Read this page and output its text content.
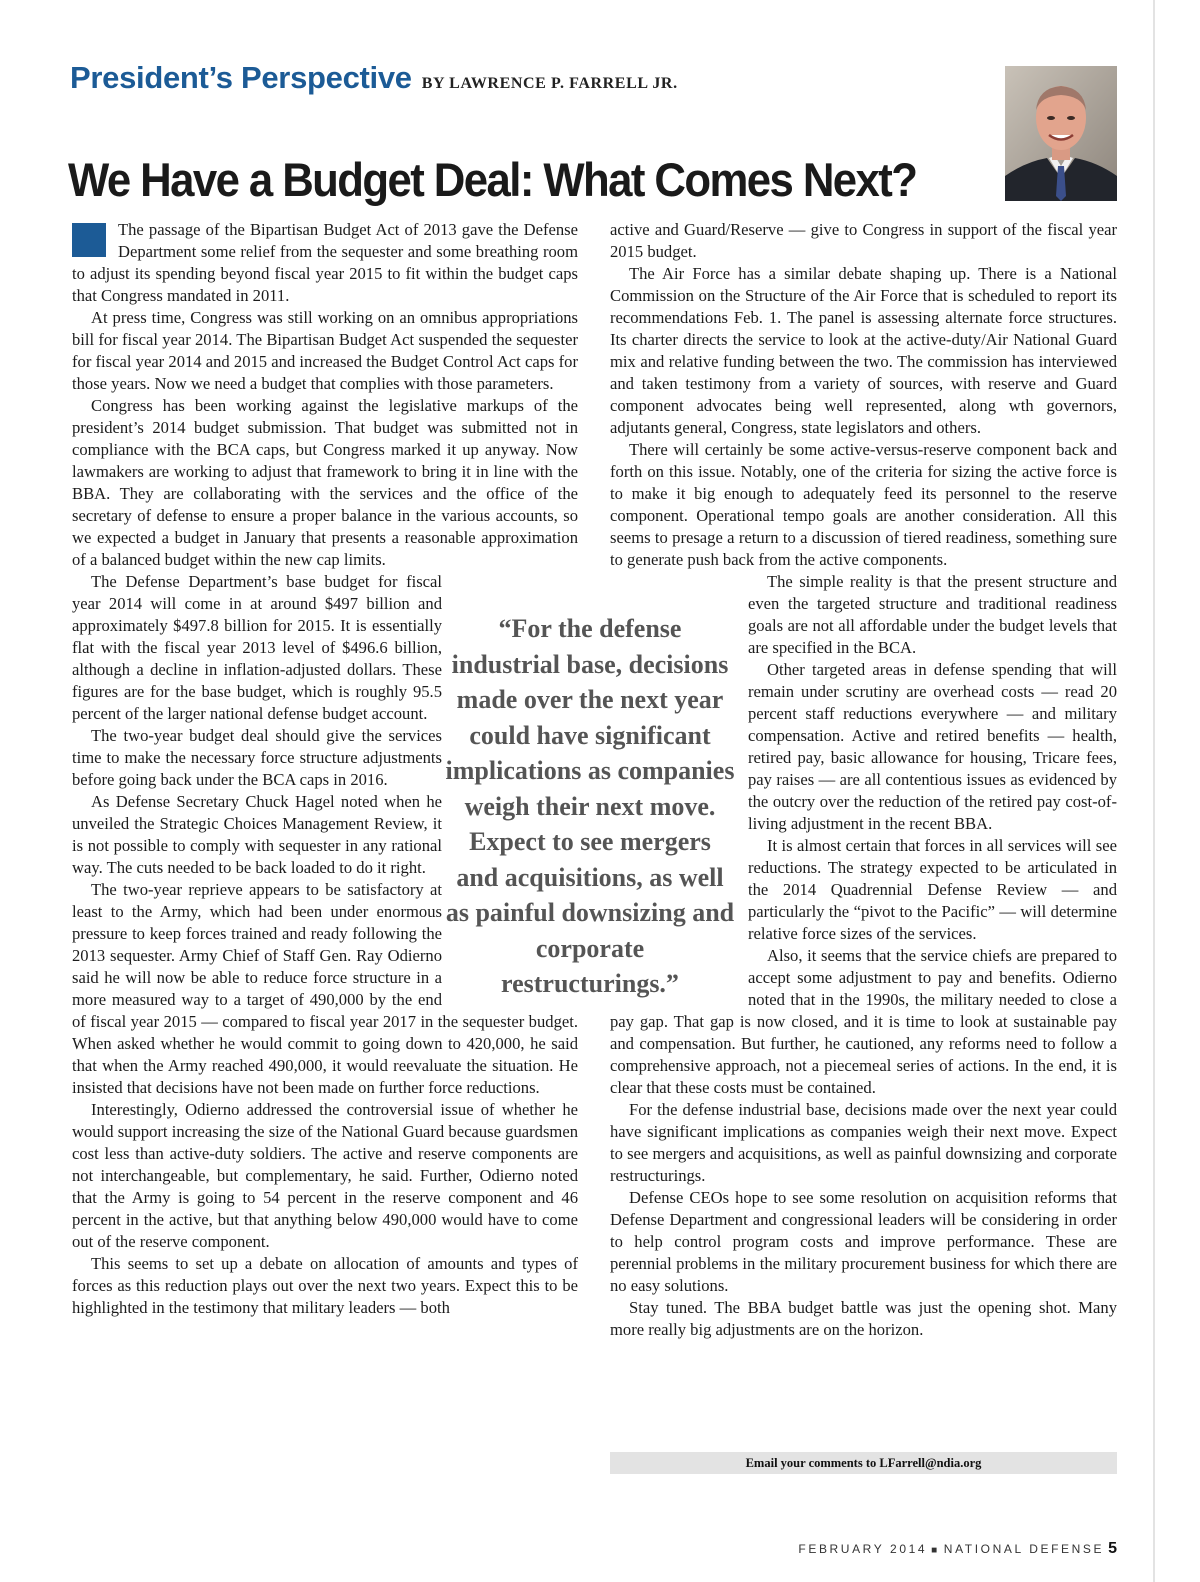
President’s Perspective BY LAWRENCE P. FARRELL JR.
We Have a Budget Deal: What Comes Next?

The passage of the Bipartisan Budget Act of 2013 gave the Defense Department some relief from the sequester and some breathing room to adjust its spending beyond fiscal year 2015 to fit within the budget caps that Congress mandated in 2011.

At press time, Congress was still working on an omnibus appropriations bill for fiscal year 2014. The Bipartisan Budget Act suspended the sequester for fiscal year 2014 and 2015 and increased the Budget Control Act caps for those years. Now we need a budget that complies with those parameters.

Congress has been working against the legislative markups of the president’s 2014 budget submission. That budget was submitted not in compliance with the BCA caps, but Congress marked it up anyway. Now lawmakers are working to adjust that framework to bring it in line with the BBA. They are collaborating with the services and the office of the secretary of defense to ensure a proper balance in the various accounts, so we expected a budget in January that presents a reasonable approximation of a balanced budget within the new cap limits.

The Defense Department’s base budget for fiscal year 2014 will come in at around $497 billion and approximately $497.8 billion for 2015. It is essentially flat with the fiscal year 2013 level of $496.6 billion, although a decline in inflation-adjusted dollars. These figures are for the base budget, which is roughly 95.5 percent of the larger national defense budget account.

The two-year budget deal should give the services time to make the necessary force structure adjustments before going back under the BCA caps in 2016.

As Defense Secretary Chuck Hagel noted when he unveiled the Strategic Choices Management Review, it is not possible to comply with sequester in any rational way. The cuts needed to be back loaded to do it right.

The two-year reprieve appears to be satisfactory at least to the Army, which had been under enormous pressure to keep forces trained and ready following the 2013 sequester. Army Chief of Staff Gen. Ray Odierno said he will now be able to reduce force structure in a more measured way to a target of 490,000 by the end of fiscal year 2015 — compared to fiscal year 2017 in the sequester budget. When asked whether he would commit to going down to 420,000, he said that when the Army reached 490,000, it would reevaluate the situation. He insisted that decisions have not been made on further force reductions.

Interestingly, Odierno addressed the controversial issue of whether he would support increasing the size of the National Guard because guardsmen cost less than active-duty soldiers. The active and reserve components are not interchangeable, but complementary, he said. Further, Odierno noted that the Army is going to 54 percent in the reserve component and 46 percent in the active, but that anything below 490,000 would have to come out of the reserve component.

This seems to set up a debate on allocation of amounts and types of forces as this reduction plays out over the next two years. Expect this to be highlighted in the testimony that military leaders — both

active and Guard/Reserve — give to Congress in support of the fiscal year 2015 budget.

The Air Force has a similar debate shaping up. There is a National Commission on the Structure of the Air Force that is scheduled to report its recommendations Feb. 1. The panel is assessing alternate force structures. Its charter directs the service to look at the active-duty/Air National Guard mix and relative funding between the two. The commission has interviewed and taken testimony from a variety of sources, with reserve and Guard component advocates being well represented, along wth governors, adjutants general, Congress, state legislators and others.

There will certainly be some active-versus-reserve component back and forth on this issue. Notably, one of the criteria for sizing the active force is to make it big enough to adequately feed its personnel to the reserve component. Operational tempo goals are another consideration. All this seems to presage a return to a discussion of tiered readiness, something sure to generate push back from the active components.

The simple reality is that the present structure and even the targeted structure and traditional readiness goals are not all affordable under the budget levels that are specified in the BCA.

Other targeted areas in defense spending that will remain under scrutiny are overhead costs — read 20 percent staff reductions everywhere — and military compensation. Active and retired benefits — health, retired pay, basic allowance for housing, Tricare fees, pay raises — are all contentious issues as evidenced by the outcry over the reduction of the retired pay cost-of-living adjustment in the recent BBA.

It is almost certain that forces in all services will see reductions. The strategy expected to be articulated in the 2014 Quadrennial Defense Review — and particularly the “pivot to the Pacific” — will determine relative force sizes of the services.

Also, it seems that the service chiefs are prepared to accept some adjustment to pay and benefits. Odierno noted that in the 1990s, the military needed to close a pay gap. That gap is now closed, and it is time to look at sustainable pay and compensation. But further, he cautioned, any reforms need to follow a comprehensive approach, not a piecemeal series of actions. In the end, it is clear that these costs must be contained.

For the defense industrial base, decisions made over the next year could have significant implications as companies weigh their next move. Expect to see mergers and acquisitions, as well as painful downsizing and corporate restructurings.

Defense CEOs hope to see some resolution on acquisition reforms that Defense Department and congressional leaders will be considering in order to help control program costs and improve performance. These are perennial problems in the military procurement business for which there are no easy solutions.

Stay tuned. The BBA budget battle was just the opening shot. Many more really big adjustments are on the horizon.

“For the defense industrial base, decisions made over the next year could have significant implications as companies weigh their next move. Expect to see mergers and acquisitions, as well as painful downsizing and corporate restructurings.”
Email your comments to LFarrell@ndia.org
FEBRUARY 2014 ■ NATIONAL DEFENSE 5
